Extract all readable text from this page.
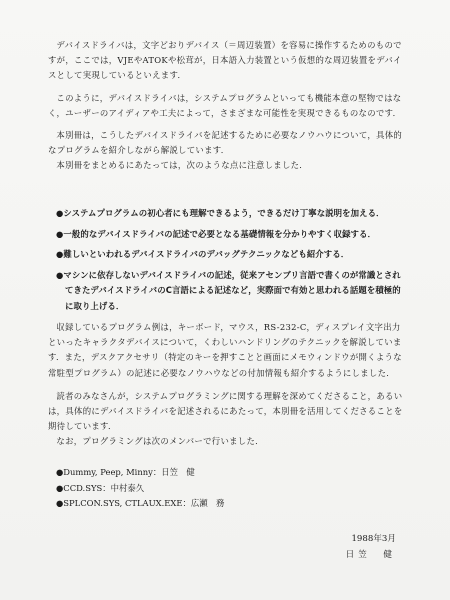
デバイスドライバは，文字どおりデバイス（＝周辺装置）を容易に操作するためのものですが，ここでは，VJEやATOKや松茸が，日本語入力装置という仮想的な周辺装置をデバイスとして実現しているといえます．

このように，デバイスドライバは，システムプログラムといっても機能本意の堅物ではなく，ユーザーのアイディアや工夫によって，さまざまな可能性を実現できるものなのです．

本別冊は，こうしたデバイスドライバを記述するために必要なノウハウについて，具体的なプログラムを紹介しながら解説しています．

本別冊をまとめるにあたっては，次のような点に注意しました．

●システムプログラムの初心者にも理解できるよう，できるだけ丁寧な説明を加える．

●一般的なデバイスドライバの記述で必要となる基礎情報を分かりやすく収録する．

●難しいといわれるデバイスドライバのデバッグテクニックなども紹介する．

●マシンに依存しないデバイスドライバの記述，従来アセンブリ言語で書くのが常識とされてきたデバイスドライバのC言語による記述など，実際面で有効と思われる話題を積極的に取り上げる．

収録しているプログラム例は，キーボード，マウス，RS-232-C，ディスプレイ文字出力といったキャラクタデバイスについて，くわしいハンドリングのテクニックを解説しています．また，デスクアクセサリ（特定のキーを押すことと画面にメモウィンドウが開くような常駐型プログラム）の記述に必要なノウハウなどの付加情報も紹介するようにしました．

読者のみなさんが，システムプログラミングに関する理解を深めてくださること，あるいは，具体的にデバイスドライバを記述されるにあたって，本別冊を活用してくださることを期待しています．

なお，プログラミングは次のメンバーで行いました．

●Dummy, Peep, Minny：日笠　健

●CCD.SYS：中村泰久

●SPLCON.SYS, CTLAUX.EXE：広瀬　務

1988年3月
日笠　健
